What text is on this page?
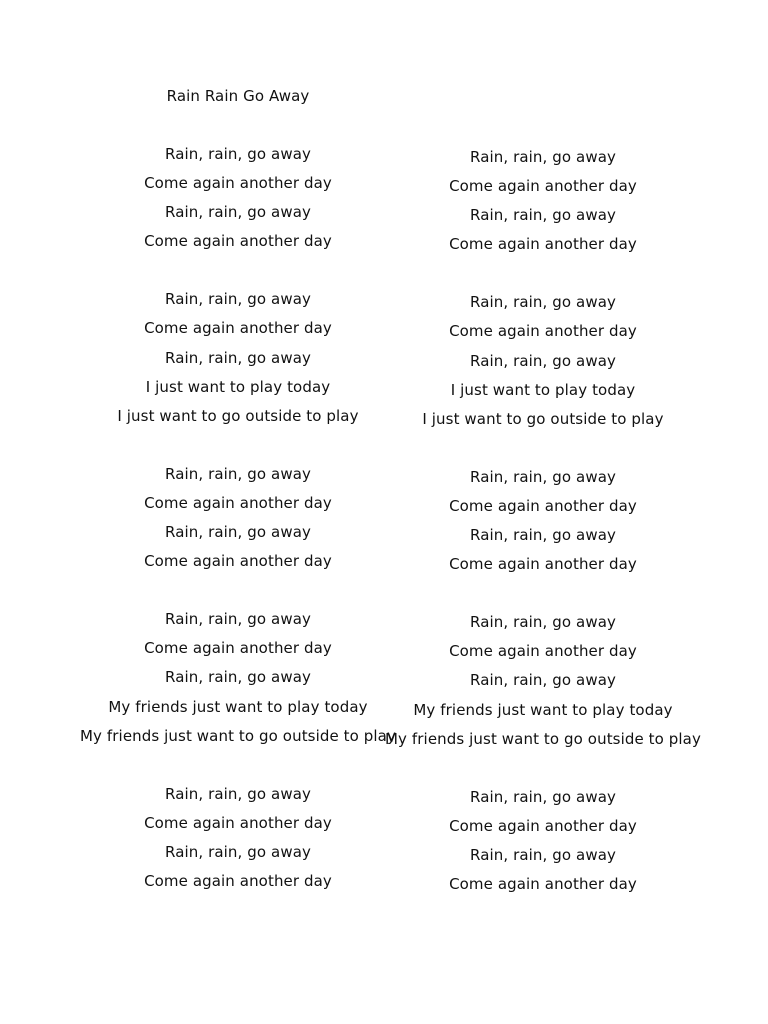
Rain Rain Go Away
Rain, rain, go away
Come again another day
Rain, rain, go away
Come again another day
Rain, rain, go away
Come again another day
Rain, rain, go away
I just want to play today
I just want to go outside to play
Rain, rain, go away
Come again another day
Rain, rain, go away
Come again another day
Rain, rain, go away
Come again another day
Rain, rain, go away
My friends just want to play today
My friends just want to go outside to play
Rain, rain, go away
Come again another day
Rain, rain, go away
Come again another day
Rain, rain, go away
Come again another day
Rain, rain, go away
Come again another day
Rain, rain, go away
Come again another day
Rain, rain, go away
I just want to play today
I just want to go outside to play
Rain, rain, go away
Come again another day
Rain, rain, go away
Come again another day
Rain, rain, go away
Come again another day
Rain, rain, go away
My friends just want to play today
My friends just want to go outside to play
Rain, rain, go away
Come again another day
Rain, rain, go away
Come again another day
